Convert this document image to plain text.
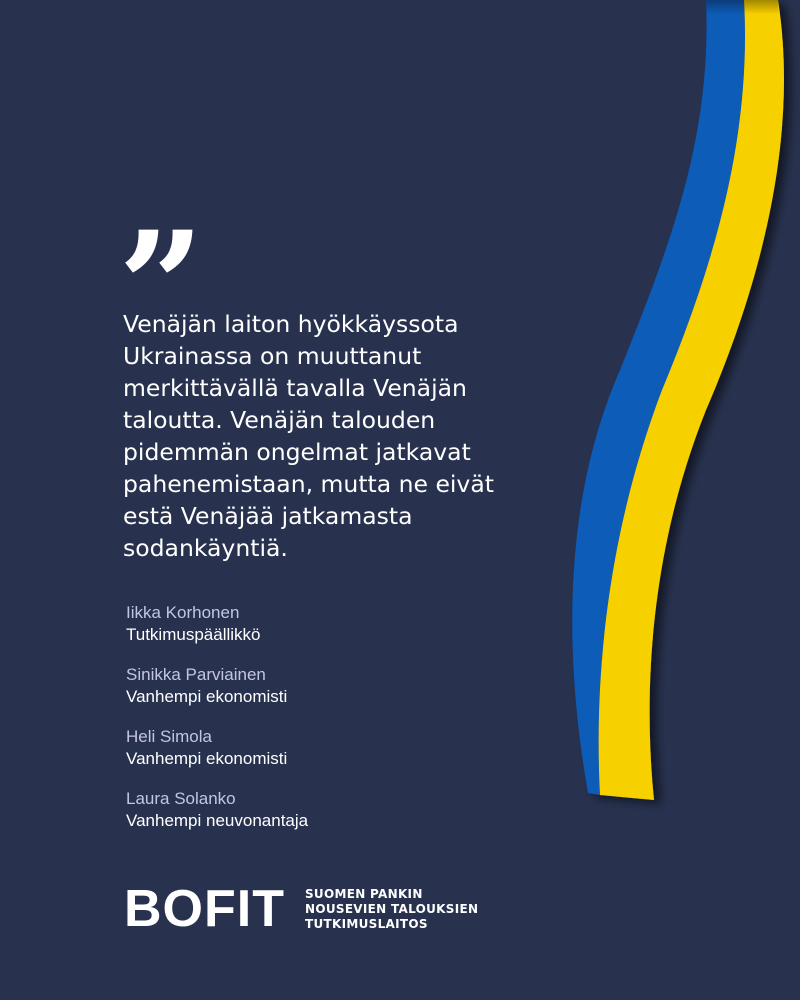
”

Venäjän laiton hyökkäyssota Ukrainassa on muuttanut merkittävällä tavalla Venäjän taloutta. Venäjän talouden pidemmän ongelmat jatkavat pahenemistaan, mutta ne eivät estä Venäjää jatkamasta sodankäyntiä.

Iikka Korhonen
Tutkimuspäällikkö
Sinikka Parviainen
Vanhempi ekonomisti
Heli Simola
Vanhempi ekonomisti
Laura Solanko
Vanhempi neuvonantaja
BOFIT SUOMEN PANKIN
NOUSEVIEN TALOUKSIEN
TUTKIMUSLAITOS
